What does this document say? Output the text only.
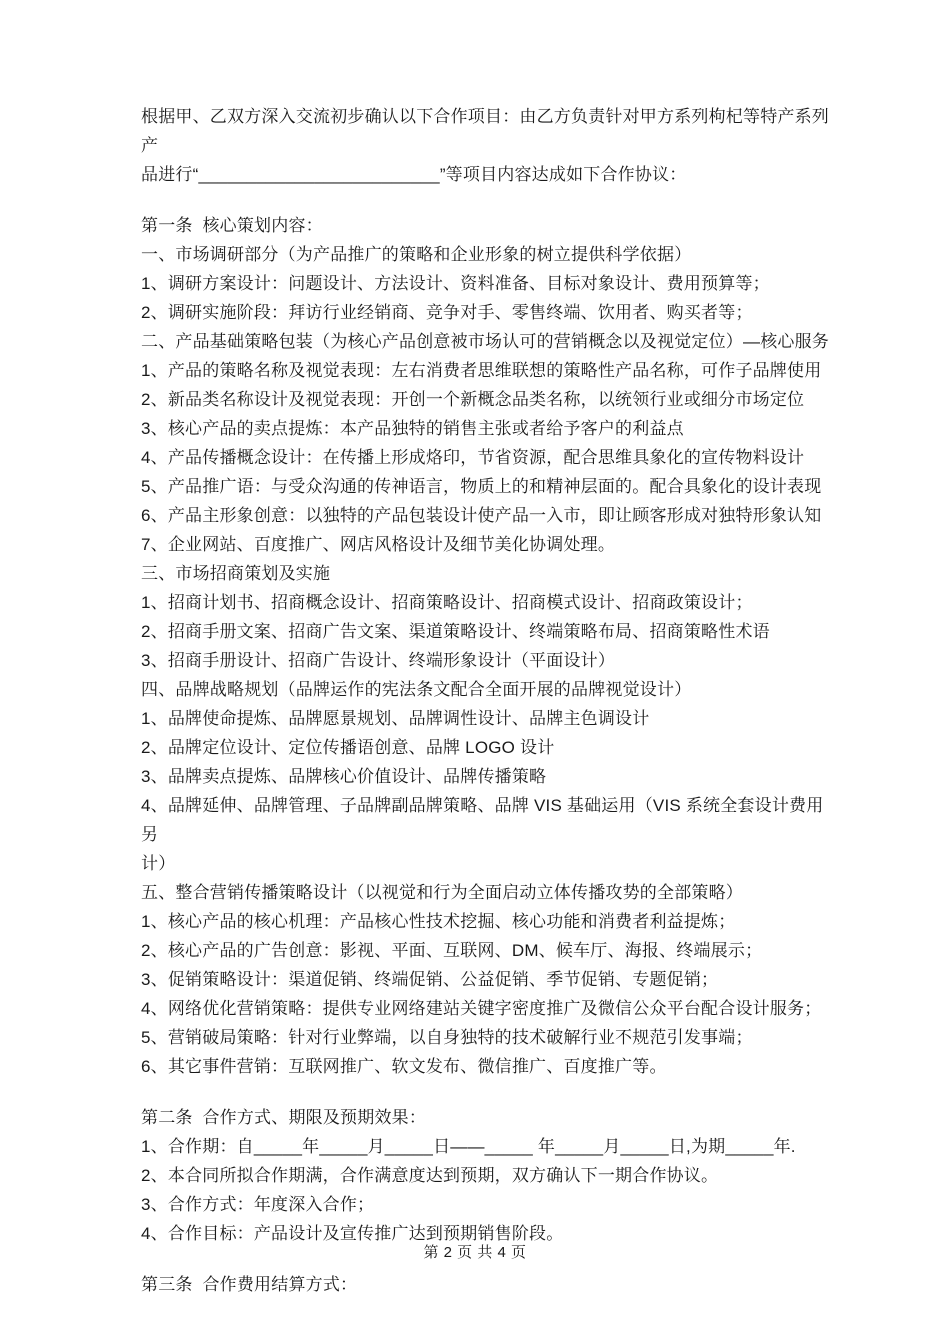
根据甲、乙双方深入交流初步确认以下合作项目：由乙方负责针对甲方系列枸杞等特产系列产
品进行“_________________________”等项目内容达成如下合作协议：
第一条  核心策划内容：
一、市场调研部分（为产品推广的策略和企业形象的树立提供科学依据）
1、调研方案设计：问题设计、方法设计、资料准备、目标对象设计、费用预算等；
2、调研实施阶段：拜访行业经销商、竞争对手、零售终端、饮用者、购买者等；
二、产品基础策略包装（为核心产品创意被市场认可的营销概念以及视觉定位）—核心服务
1、产品的策略名称及视觉表现：左右消费者思维联想的策略性产品名称，可作子品牌使用
2、新品类名称设计及视觉表现：开创一个新概念品类名称，以统领行业或细分市场定位
3、核心产品的卖点提炼：本产品独特的销售主张或者给予客户的利益点
4、产品传播概念设计：在传播上形成烙印，节省资源，配合思维具象化的宣传物料设计
5、产品推广语：与受众沟通的传神语言，物质上的和精神层面的。配合具象化的设计表现
6、产品主形象创意：以独特的产品包装设计使产品一入市，即让顾客形成对独特形象认知
7、企业网站、百度推广、网店风格设计及细节美化协调处理。
三、市场招商策划及实施
1、招商计划书、招商概念设计、招商策略设计、招商模式设计、招商政策设计；
2、招商手册文案、招商广告文案、渠道策略设计、终端策略布局、招商策略性术语
3、招商手册设计、招商广告设计、终端形象设计（平面设计）
四、品牌战略规划（品牌运作的宪法条文配合全面开展的品牌视觉设计）
1、品牌使命提炼、品牌愿景规划、品牌调性设计、品牌主色调设计
2、品牌定位设计、定位传播语创意、品牌 LOGO 设计
3、品牌卖点提炼、品牌核心价值设计、品牌传播策略
4、品牌延伸、品牌管理、子品牌副品牌策略、品牌 VIS 基础运用（VIS 系统全套设计费用另
计）
五、整合营销传播策略设计（以视觉和行为全面启动立体传播攻势的全部策略）
1、核心产品的核心机理：产品核心性技术挖掘、核心功能和消费者利益提炼；
2、核心产品的广告创意：影视、平面、互联网、DM、候车厅、海报、终端展示；
3、促销策略设计：渠道促销、终端促销、公益促销、季节促销、专题促销；
4、网络优化营销策略：提供专业网络建站关键字密度推广及微信公众平台配合设计服务；
5、营销破局策略：针对行业弊端，以自身独特的技术破解行业不规范引发事端；
6、其它事件营销：互联网推广、软文发布、微信推广、百度推广等。
第二条  合作方式、期限及预期效果：
1、合作期：自_____年_____月_____日——_____ 年_____月_____日,为期_____年.
2、本合同所拟合作期满，合作满意度达到预期，双方确认下一期合作协议。
3、合作方式：年度深入合作；
4、合作目标：产品设计及宣传推广达到预期销售阶段。
第三条  合作费用结算方式：
第 2 页 共 4 页
